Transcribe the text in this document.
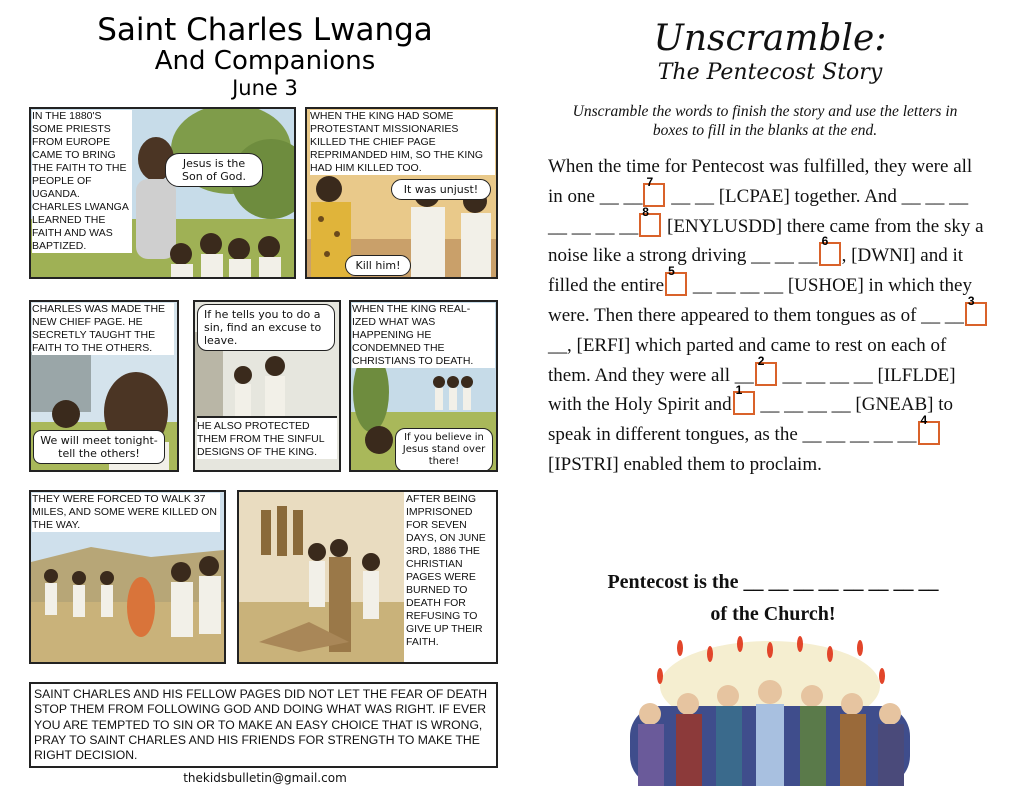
Saint Charles Lwanga
And Companions
June 3
IN THE 1880'S SOME PRIESTS FROM EUROPE CAME TO BRING THE FAITH TO THE PEOPLE OF UGANDA. CHARLES LWANGA LEARNED THE FAITH AND WAS BAPTIZED.
Jesus is the Son of God.
WHEN THE KING HAD SOME PROTESTANT MISSIONARIES KILLED THE CHIEF PAGE REPRIMANDED HIM, SO THE KING HAD HIM KILLED TOO.
It was unjust!
Kill him!
CHARLES WAS MADE THE NEW CHIEF PAGE. HE SECRETLY TAUGHT THE FAITH TO THE OTHERS.
We will meet tonight- tell the others!
If he tells you to do a sin, find an excuse to leave.
HE ALSO PROTECTED THEM FROM THE SINFUL DESIGNS OF THE KING.
WHEN THE KING REAL- IZED WHAT WAS HAPPENING HE CONDEMNED THE CHRISTIANS TO DEATH.
If you believe in Jesus stand over there!
THEY WERE FORCED TO WALK 37 MILES, AND SOME WERE KILLED ON THE WAY.
AFTER BEING IMPRISONED FOR SEVEN DAYS, ON JUNE 3RD, 1886 THE CHRISTIAN PAGES WERE BURNED TO DEATH FOR REFUSING TO GIVE UP THEIR FAITH.
SAINT CHARLES AND HIS FELLOW PAGES DID NOT LET THE FEAR OF DEATH STOP THEM FROM FOLLOWING GOD AND DOING WHAT WAS RIGHT. IF EVER YOU ARE TEMPTED TO SIN OR TO MAKE AN EASY CHOICE THAT IS WRONG, PRAY TO SAINT CHARLES AND HIS FRIENDS FOR STRENGTH TO MAKE THE RIGHT DECISION.
thekidsbulletin@gmail.com
Unscramble:
The Pentecost Story
Unscramble the words to finish the story and use the letters in boxes to fill in the blanks at the end.
When the time for Pentecost was fulfilled, they were all in one __ __
7
__ __ [LCPAE] together. And __ __ __ __ __ __ __
8
[ENYLUSDD] there came from the sky a noise like a strong driving __ __ __
6
, [DWNI] and it filled the entire
5
__ __ __ __ [USHOE] in which they were. Then there appeared to them tongues as of __ __
3
__, [ERFI] which parted and came to rest on each of them. And they were all __
2
__ __ __ __ [ILFLDE] with the Holy Spirit and
1
__ __ __ __ [GNEAB] to speak in different tongues, as the __ __ __ __ __
4
[IPSTRI] enabled them to proclaim.
Pentecost is the __ __ __ __ __ __ __ __
of the Church!
